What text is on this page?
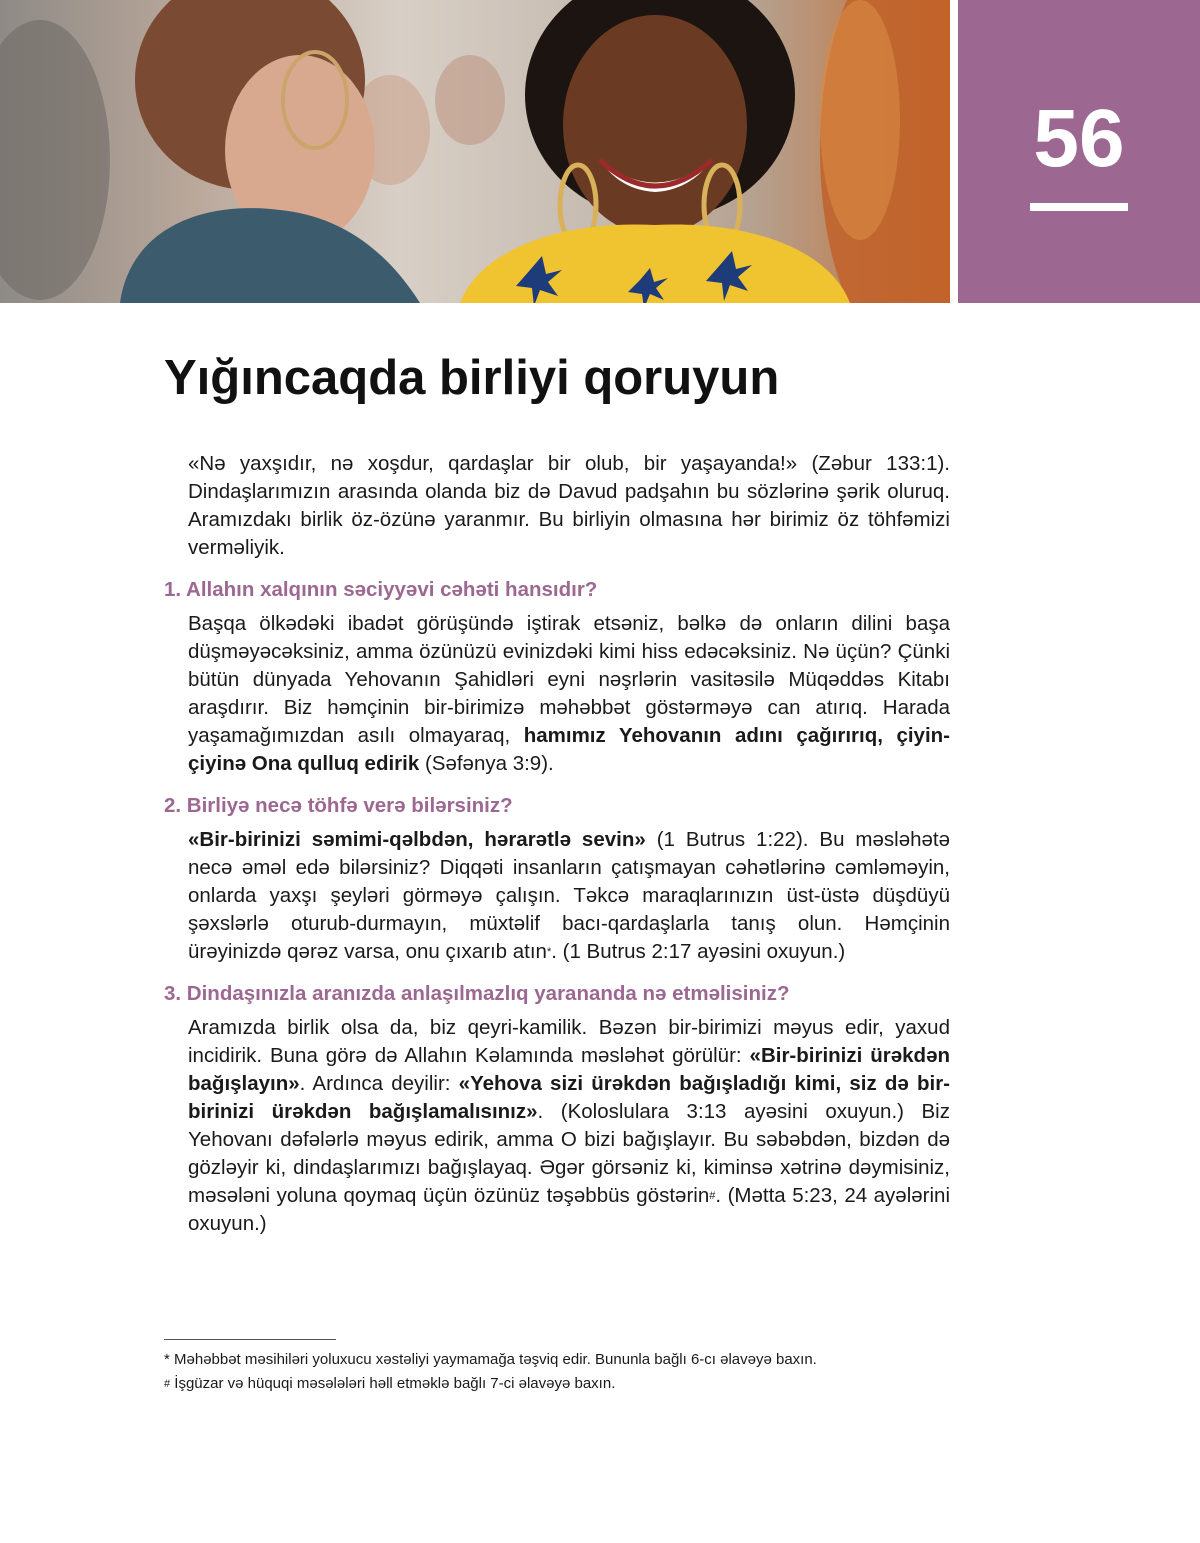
56
Yığıncaqda birliyi qoruyun

«Nə yaxşıdır, nə xoşdur, qardaşlar bir olub, bir yaşayanda!» (Zəbur 133:1). Dindaşlarımızın arasında olanda biz də Davud padşahın bu sözlərinə şərik oluruq. Aramızdakı birlik öz-özünə yaranmır. Bu birliyin olmasına hər birimiz öz töhfəmizi verməliyik.

1. Allahın xalqının səciyyəvi cəhəti hansıdır?

Başqa ölkədəki ibadət görüşündə iştirak etsəniz, bəlkə də onların dilini başa düşməyəcəksiniz, amma özünüzü evinizdəki kimi hiss edəcəksiniz. Nə üçün? Çünki bütün dünyada Yehovanın Şahidləri eyni nəşrlərin vasitəsilə Müqəddəs Kitabı araşdırır. Biz həmçinin bir-birimizə məhəbbət göstərməyə can atırıq. Harada yaşamağımızdan asılı olmayaraq, hamımız Yehovanın adını çağırırıq, çiyin-çiyinə Ona qulluq edirik (Səfənya 3:9).

2. Birliyə necə töhfə verə bilərsiniz?

«Bir-birinizi səmimi-qəlbdən, hərarətlə sevin» (1 Butrus 1:22). Bu məsləhətə necə əməl edə bilərsiniz? Diqqəti insanların çatışmayan cəhətlərinə cəmləməyin, onlarda yaxşı şeyləri görməyə çalışın. Təkcə maraqlarınızın üst-üstə düşdüyü şəxslərlə oturub-durmayın, müxtəlif bacı-qardaşlarla tanış olun. Həmçinin ürəyinizdə qərəz varsa, onu çıxarıb atın*. (1 Butrus 2:17 ayəsini oxuyun.)

3. Dindaşınızla aranızda anlaşılmazlıq yarananda nə etməlisiniz?

Aramızda birlik olsa da, biz qeyri-kamilik. Bəzən bir-birimizi məyus edir, yaxud incidirik. Buna görə də Allahın Kəlamında məsləhət görülür: «Bir-birinizi ürəkdən bağışlayın». Ardınca deyilir: «Yehova sizi ürəkdən bağışladığı kimi, siz də bir-birinizi ürəkdən bağışlamalısınız». (Koloslulara 3:13 ayəsini oxuyun.) Biz Yehovanı dəfələrlə məyus edirik, amma O bizi bağışlayır. Bu səbəbdən, bizdən də gözləyir ki, dindaşlarımızı bağışlayaq. Əgər görsəniz ki, kiminsə xətrinə dəymisiniz, məsələni yoluna qoymaq üçün özünüz təşəbbüs göstərin#. (Mətta 5:23, 24 ayələrini oxuyun.)

* Məhəbbət məsihiləri yoluxucu xəstəliyi yaymamağa təşviq edir. Bununla bağlı 6-cı əlavəyə baxın.

# İşgüzar və hüquqi məsələləri həll etməklə bağlı 7-ci əlavəyə baxın.
